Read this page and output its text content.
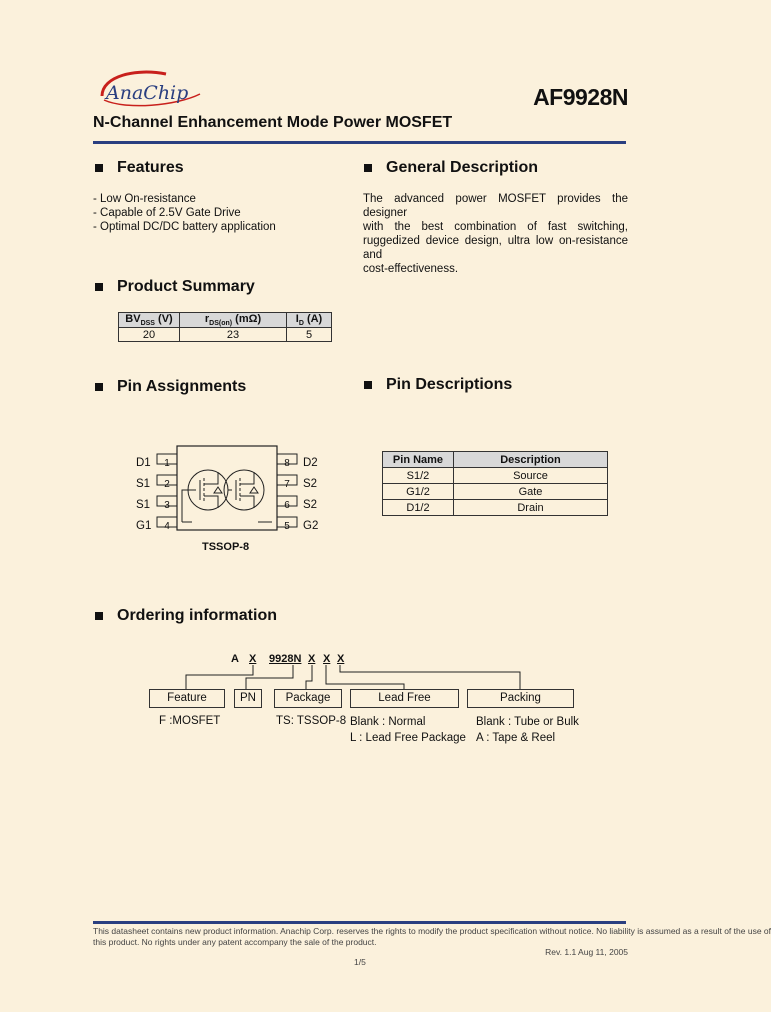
AnaChip	AF9928N
N-Channel Enhancement Mode Power MOSFET
Features
- Low On-resistance
- Capable of 2.5V Gate Drive
- Optimal DC/DC battery application
General Description
The advanced power MOSFET provides the designer
with the best combination of fast switching,
ruggedized device design, ultra low on-resistance and
cost-effectiveness.
Product Summary
$BV_{DSS}$ (V)	$r_{DS(on)}$ (mΩ)	$I_D$ (A)
20	23	5
Pin Assignments	Pin Descriptions
D1
S1
S1
G1
1
2
3
4
8
7
6
5
D2
S2
S2
G2
TSSOP-8
Pin Name	Description
S1/2	Source
G1/2	Gate
D1/2	Drain
Ordering information
A X 9928N X X X
Feature	PN	Package	Lead Free	Packing
F :MOSFET	TS: TSSOP-8 Blank : Normal
L : Lead Free Package
Blank : Tube or Bulk
A : Tape & Reel
This datasheet contains new product information. Anachip Corp. reserves the rights to modify the product specification without notice. No liability is assumed as a result of the use of
this product. No rights under any patent accompany the sale of the product.
Rev. 1.1 Aug 11, 2005
1/5
